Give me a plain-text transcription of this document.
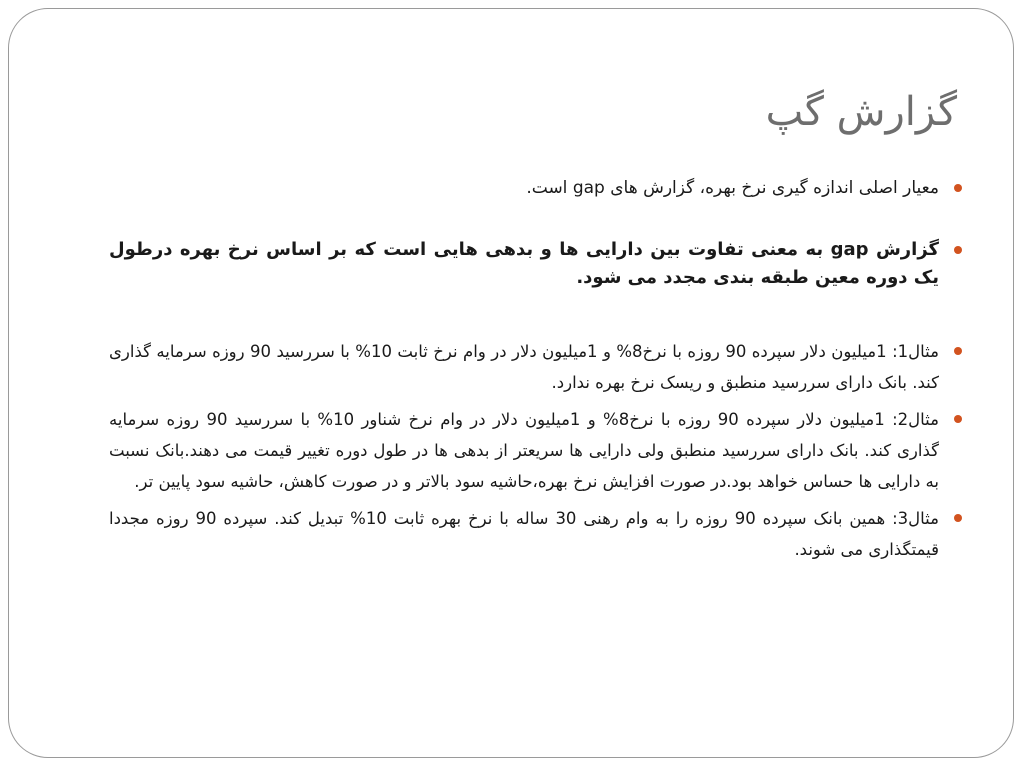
گزارش گپ
معیار اصلی اندازه گیری نرخ بهره، گزارش های gap است.
گزارش gap به معنی تفاوت بین دارایی ها و بدهی هایی است که بر اساس نرخ بهره درطول یک دوره معین طبقه بندی مجدد می شود.
مثال1: 1میلیون دلار سپرده 90 روزه با نرخ8% و 1میلیون دلار در وام نرخ ثابت 10% با سررسید 90 روزه سرمایه گذاری کند. بانک دارای سررسید منطبق و ریسک نرخ بهره ندارد.
مثال2: 1میلیون دلار سپرده 90 روزه با نرخ8% و 1میلیون دلار در وام نرخ شناور 10% با سررسید 90 روزه سرمایه گذاری کند. بانک دارای سررسید منطبق ولی دارایی ها سریعتر از بدهی ها در طول دوره تغییر قیمت می دهند.بانک نسبت به دارایی ها حساس خواهد بود.در صورت افزایش نرخ بهره،حاشیه سود بالاتر و در صورت کاهش، حاشیه سود پایین تر.
مثال3: همین بانک سپرده 90 روزه را به وام رهنی 30 ساله با نرخ بهره ثابت 10% تبدیل کند. سپرده 90 روزه مجددا قیمتگذاری می شوند.
